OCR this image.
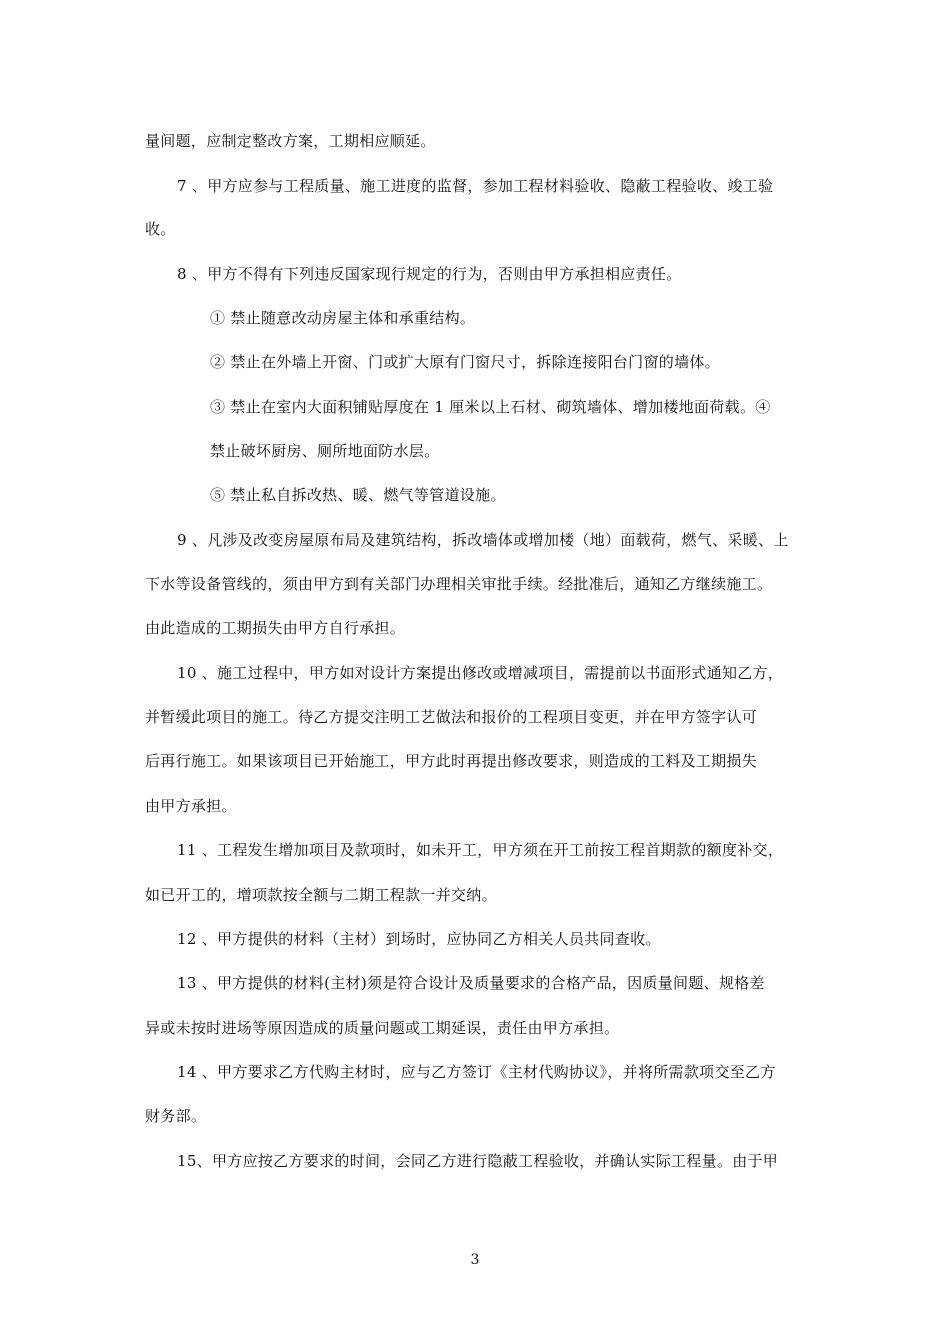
量间题，应制定整改方案，工期相应顺延。
7 、甲方应参与工程质量、施工进度的监督，参加工程材料验收、隐蔽工程验收、竣工验
收。
8 、甲方不得有下列违反国家现行规定的行为，否则由甲方承担相应责任。
① 禁止随意改动房屋主体和承重结构。
② 禁止在外墙上开窗、门或扩大原有门窗尺寸，拆除连接阳台门窗的墙体。
③ 禁止在室内大面积铺贴厚度在 1 厘米以上石材、砌筑墙体、增加楼地面荷载。④
禁止破坏厨房、厕所地面防水层。
⑤ 禁止私自拆改热、暖、燃气等管道设施。
9 、凡涉及改变房屋原布局及建筑结构，拆改墙体或增加楼（地）面载荷，燃气、采暖、上
下水等设备管线的，须由甲方到有关部门办理相关审批手续。经批准后，通知乙方继续施工。
由此造成的工期损失由甲方自行承担。
10 、施工过程中，甲方如对设计方案提出修改或增减项目，需提前以书面形式通知乙方，
并暂缓此项目的施工。待乙方提交注明工艺做法和报价的工程项目变更，并在甲方签字认可
后再行施工。如果该项目已开始施工，甲方此时再提出修改要求，则造成的工料及工期损失
由甲方承担。
11 、工程发生增加项目及款项时，如未开工，甲方须在开工前按工程首期款的额度补交，
如已开工的，增项款按全额与二期工程款一并交纳。
12 、甲方提供的材料（主材）到场时，应协同乙方相关人员共同查收。
13 、甲方提供的材料(主材)须是符合设计及质量要求的合格产品，因质量间题、规格差
异或未按时进场等原因造成的质量问题或工期延误，责任由甲方承担。
14 、甲方要求乙方代购主材时，应与乙方签订《主材代购协议》，并将所需款项交至乙方
财务部。
15、甲方应按乙方要求的时间，会同乙方进行隐蔽工程验收，并确认实际工程量。由于甲
3
